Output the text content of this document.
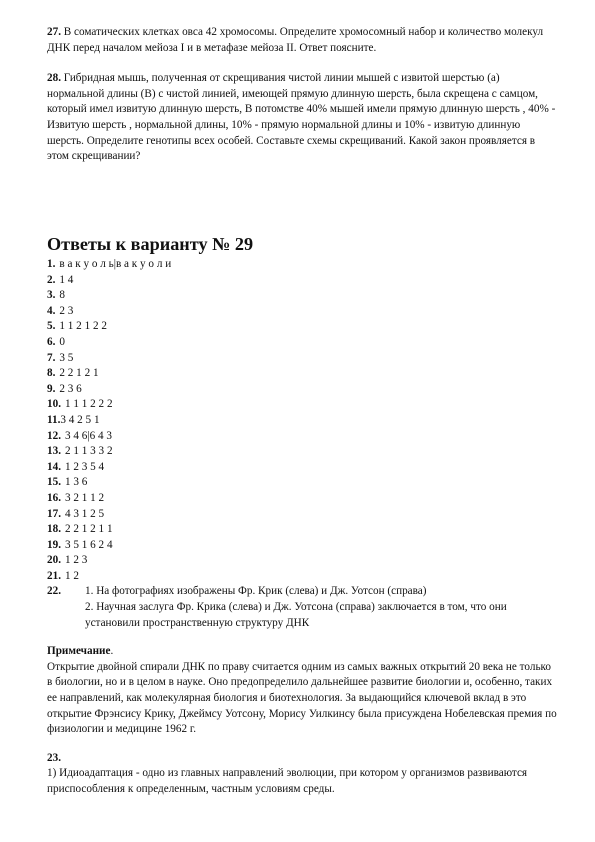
27. В соматических клетках овса 42 хромосомы. Определите хромосомный набор и количество молекул ДНК перед началом мейоза I и в метафазе мейоза II. Ответ поясните.

28. Гибридная мышь, полученная от скрещивания чистой линии мышей с извитой шерстью (а) нормальной длины (В) с чистой линией, имеющей прямую длинную шерсть, была скрещена с самцом, который имел извитую длинную шерсть, В потомстве 40% мышей имели прямую длинную шерсть , 40% - Извитую шерсть , нормальной длины, 10% - прямую нормальной длины и 10% - извитую длинную шерсть. Определите генотипы всех особей. Составьте схемы скрещиваний. Какой закон проявляется в этом скрещивании?

Ответы к варианту № 29
1. в а к у о л ь|в а к у о л и
2. 1 4
3. 8
4. 2 3
5. 1 1 2 1 2 2
6. 0
7. 3 5
8. 2 2 1 2 1
9. 2 3 6
10. 1 1 1 2 2 2
11.3 4 2 5 1
12. 3 4 6|6 4 3
13. 2 1 1 3 3 2
14. 1 2 3 5 4
15. 1 3 6
16. 3 2 1 1 2
17. 4 3 1 2 5
18. 2 2 1 2 1 1
19. 3 5 1 6 2 4
20. 1 2 3
21. 1 2
22.	1. На фотографиях изображены Фр. Крик (слева) и Дж. Уотсон (справа)
2. Научная заслуга Фр. Крика (слева) и Дж. Уотсона (справа) заключается в том, что они установили пространственную структуру ДНК
Примечание.
Открытие двойной спирали ДНК по праву считается одним из самых важных открытий 20 века не только в биологии, но и в целом в науке. Оно предопределило дальнейшее развитие биологии и, особенно, таких ее направлений, как молекулярная биология и биотехнология. За выдающийся ключевой вклад в это открытие Фрэнсису Крику, Джеймсу Уотсону, Морису Уилкинсу была присуждена Нобелевская премия по физиологии и медицине 1962 г.
23.
1) Идиоадаптация - одно из главных направлений эволюции, при котором у организмов развиваются приспособления к определенным, частным условиям среды.
